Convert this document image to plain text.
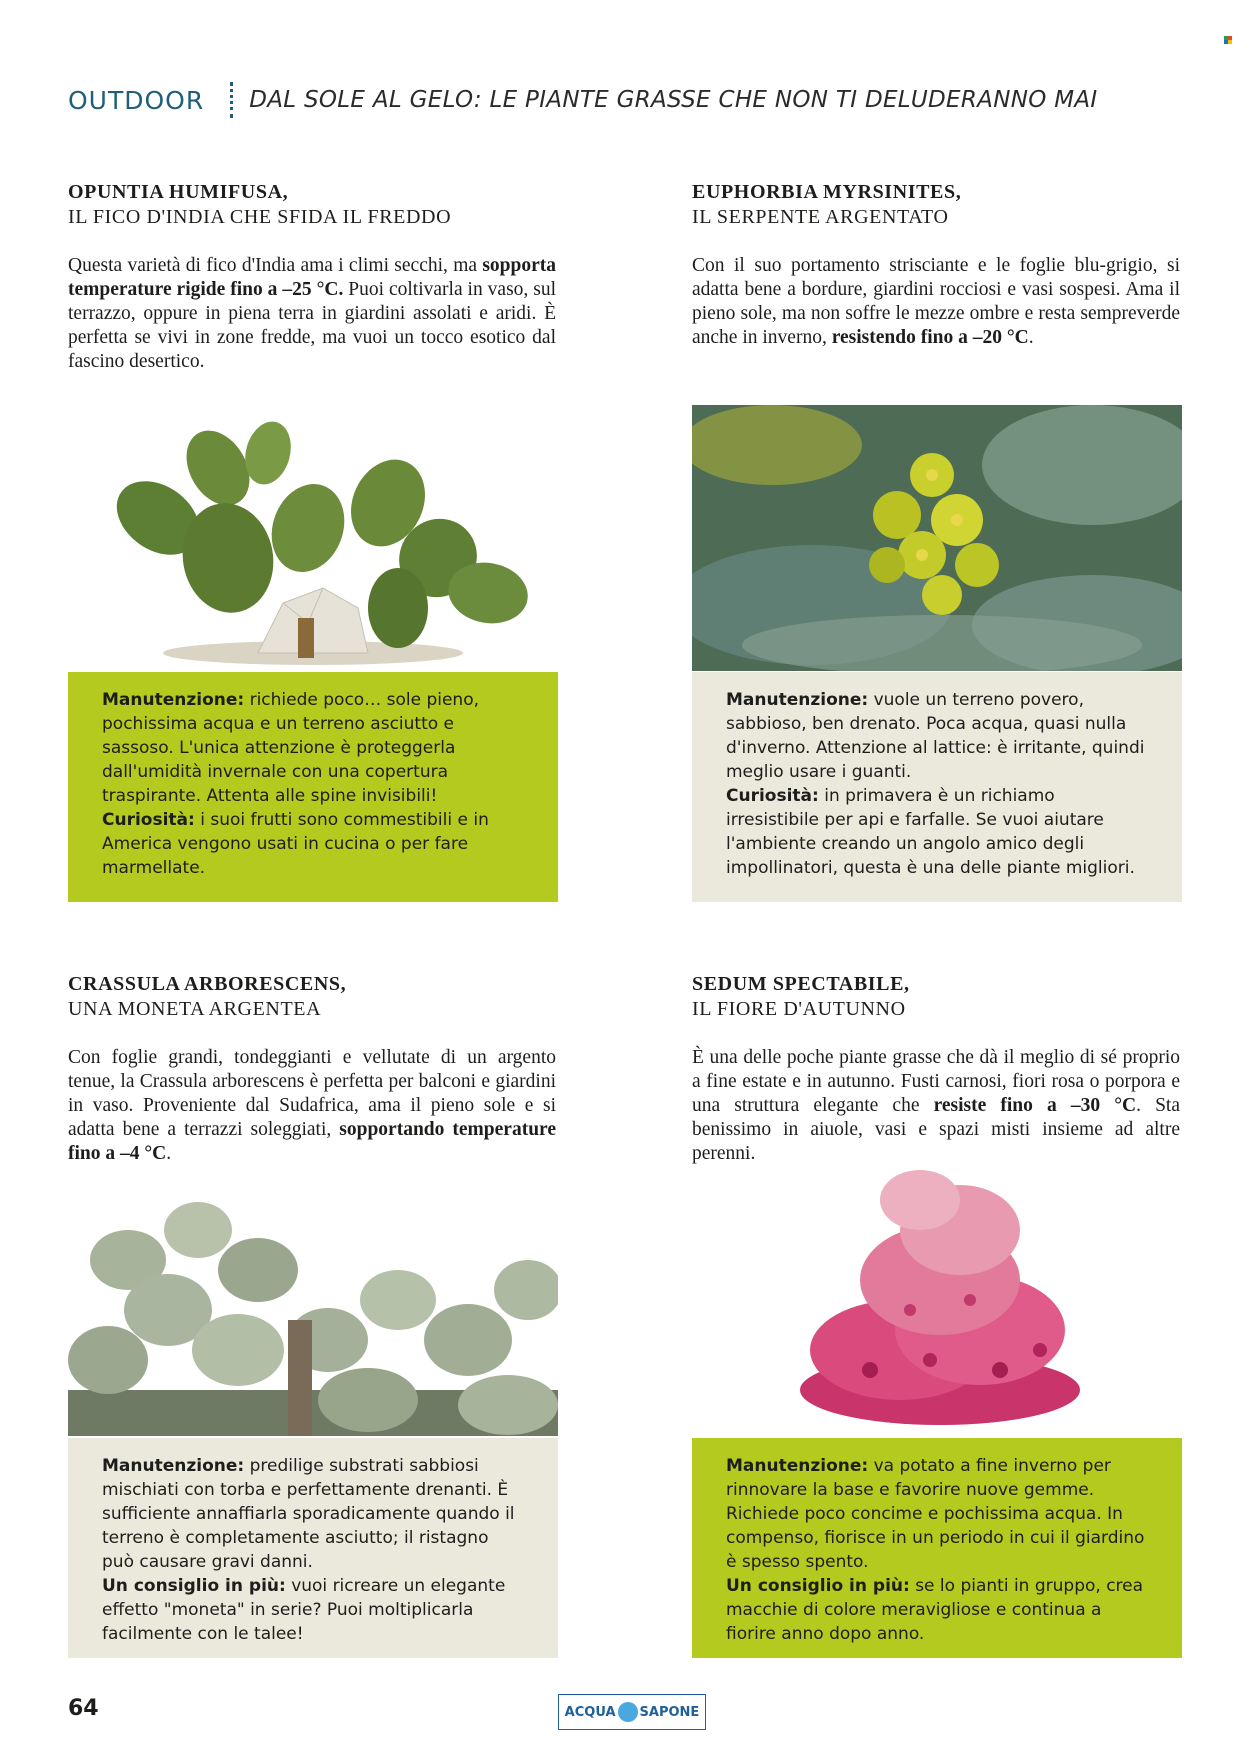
OUTDOOR DAL SOLE AL GELO: LE PIANTE GRASSE CHE NON TI DELUDERANNO MAI

OPUNTIA HUMIFUSA,

IL FICO D'INDIA CHE SFIDA IL FREDDO

Questa varietà di fico d'India ama i climi secchi, ma sopporta temperature rigide fino a –25 °C. Puoi coltivarla in vaso, sul terrazzo, oppure in piena terra in giardini assolati e aridi. È perfetta se vivi in zone fredde, ma vuoi un tocco esotico dal fascino desertico.

Manutenzione: richiede poco… sole pieno, pochissima acqua e un terreno asciutto e sassoso. L'unica attenzione è proteggerla dall'umidità invernale con una copertura traspirante. Attenta alle spine invisibili!

Curiosità: i suoi frutti sono commestibili e in America vengono usati in cucina o per fare marmellate.

EUPHORBIA MYRSINITES,

IL SERPENTE ARGENTATO

Con il suo portamento strisciante e le foglie blu-grigio, si adatta bene a bordure, giardini rocciosi e vasi sospesi. Ama il pieno sole, ma non soffre le mezze ombre e resta sempreverde anche in inverno, resistendo fino a –20 °C.

Manutenzione: vuole un terreno povero, sabbioso, ben drenato. Poca acqua, quasi nulla d'inverno. Attenzione al lattice: è irritante, quindi meglio usare i guanti.

Curiosità: in primavera è un richiamo irresistibile per api e farfalle. Se vuoi aiutare l'ambiente creando un angolo amico degli impollinatori, questa è una delle piante migliori.

CRASSULA ARBORESCENS,

UNA MONETA ARGENTEA

Con foglie grandi, tondeggianti e vellutate di un argento tenue, la Crassula arborescens è perfetta per balconi e giardini in vaso. Proveniente dal Sudafrica, ama il pieno sole e si adatta bene a terrazzi soleggiati, sopportando temperature fino a –4 °C.

Manutenzione: predilige substrati sabbiosi mischiati con torba e perfettamente drenanti. È sufficiente annaffiarla sporadicamente quando il terreno è completamente asciutto; il ristagno può causare gravi danni.

Un consiglio in più: vuoi ricreare un elegante effetto "moneta" in serie? Puoi moltiplicarla facilmente con le talee!

SEDUM SPECTABILE,

IL FIORE D'AUTUNNO

È una delle poche piante grasse che dà il meglio di sé proprio a fine estate e in autunno. Fusti carnosi, fiori rosa o porpora e una struttura elegante che resiste fino a –30 °C. Sta benissimo in aiuole, vasi e spazi misti insieme ad altre perenni.

Manutenzione: va potato a fine inverno per rinnovare la base e favorire nuove gemme. Richiede poco concime e pochissima acqua. In compenso, fiorisce in un periodo in cui il giardino è spesso spento.

Un consiglio in più: se lo pianti in gruppo, crea macchie di colore meravigliose e continua a fiorire anno dopo anno.

64	ACQUA SAPONE
